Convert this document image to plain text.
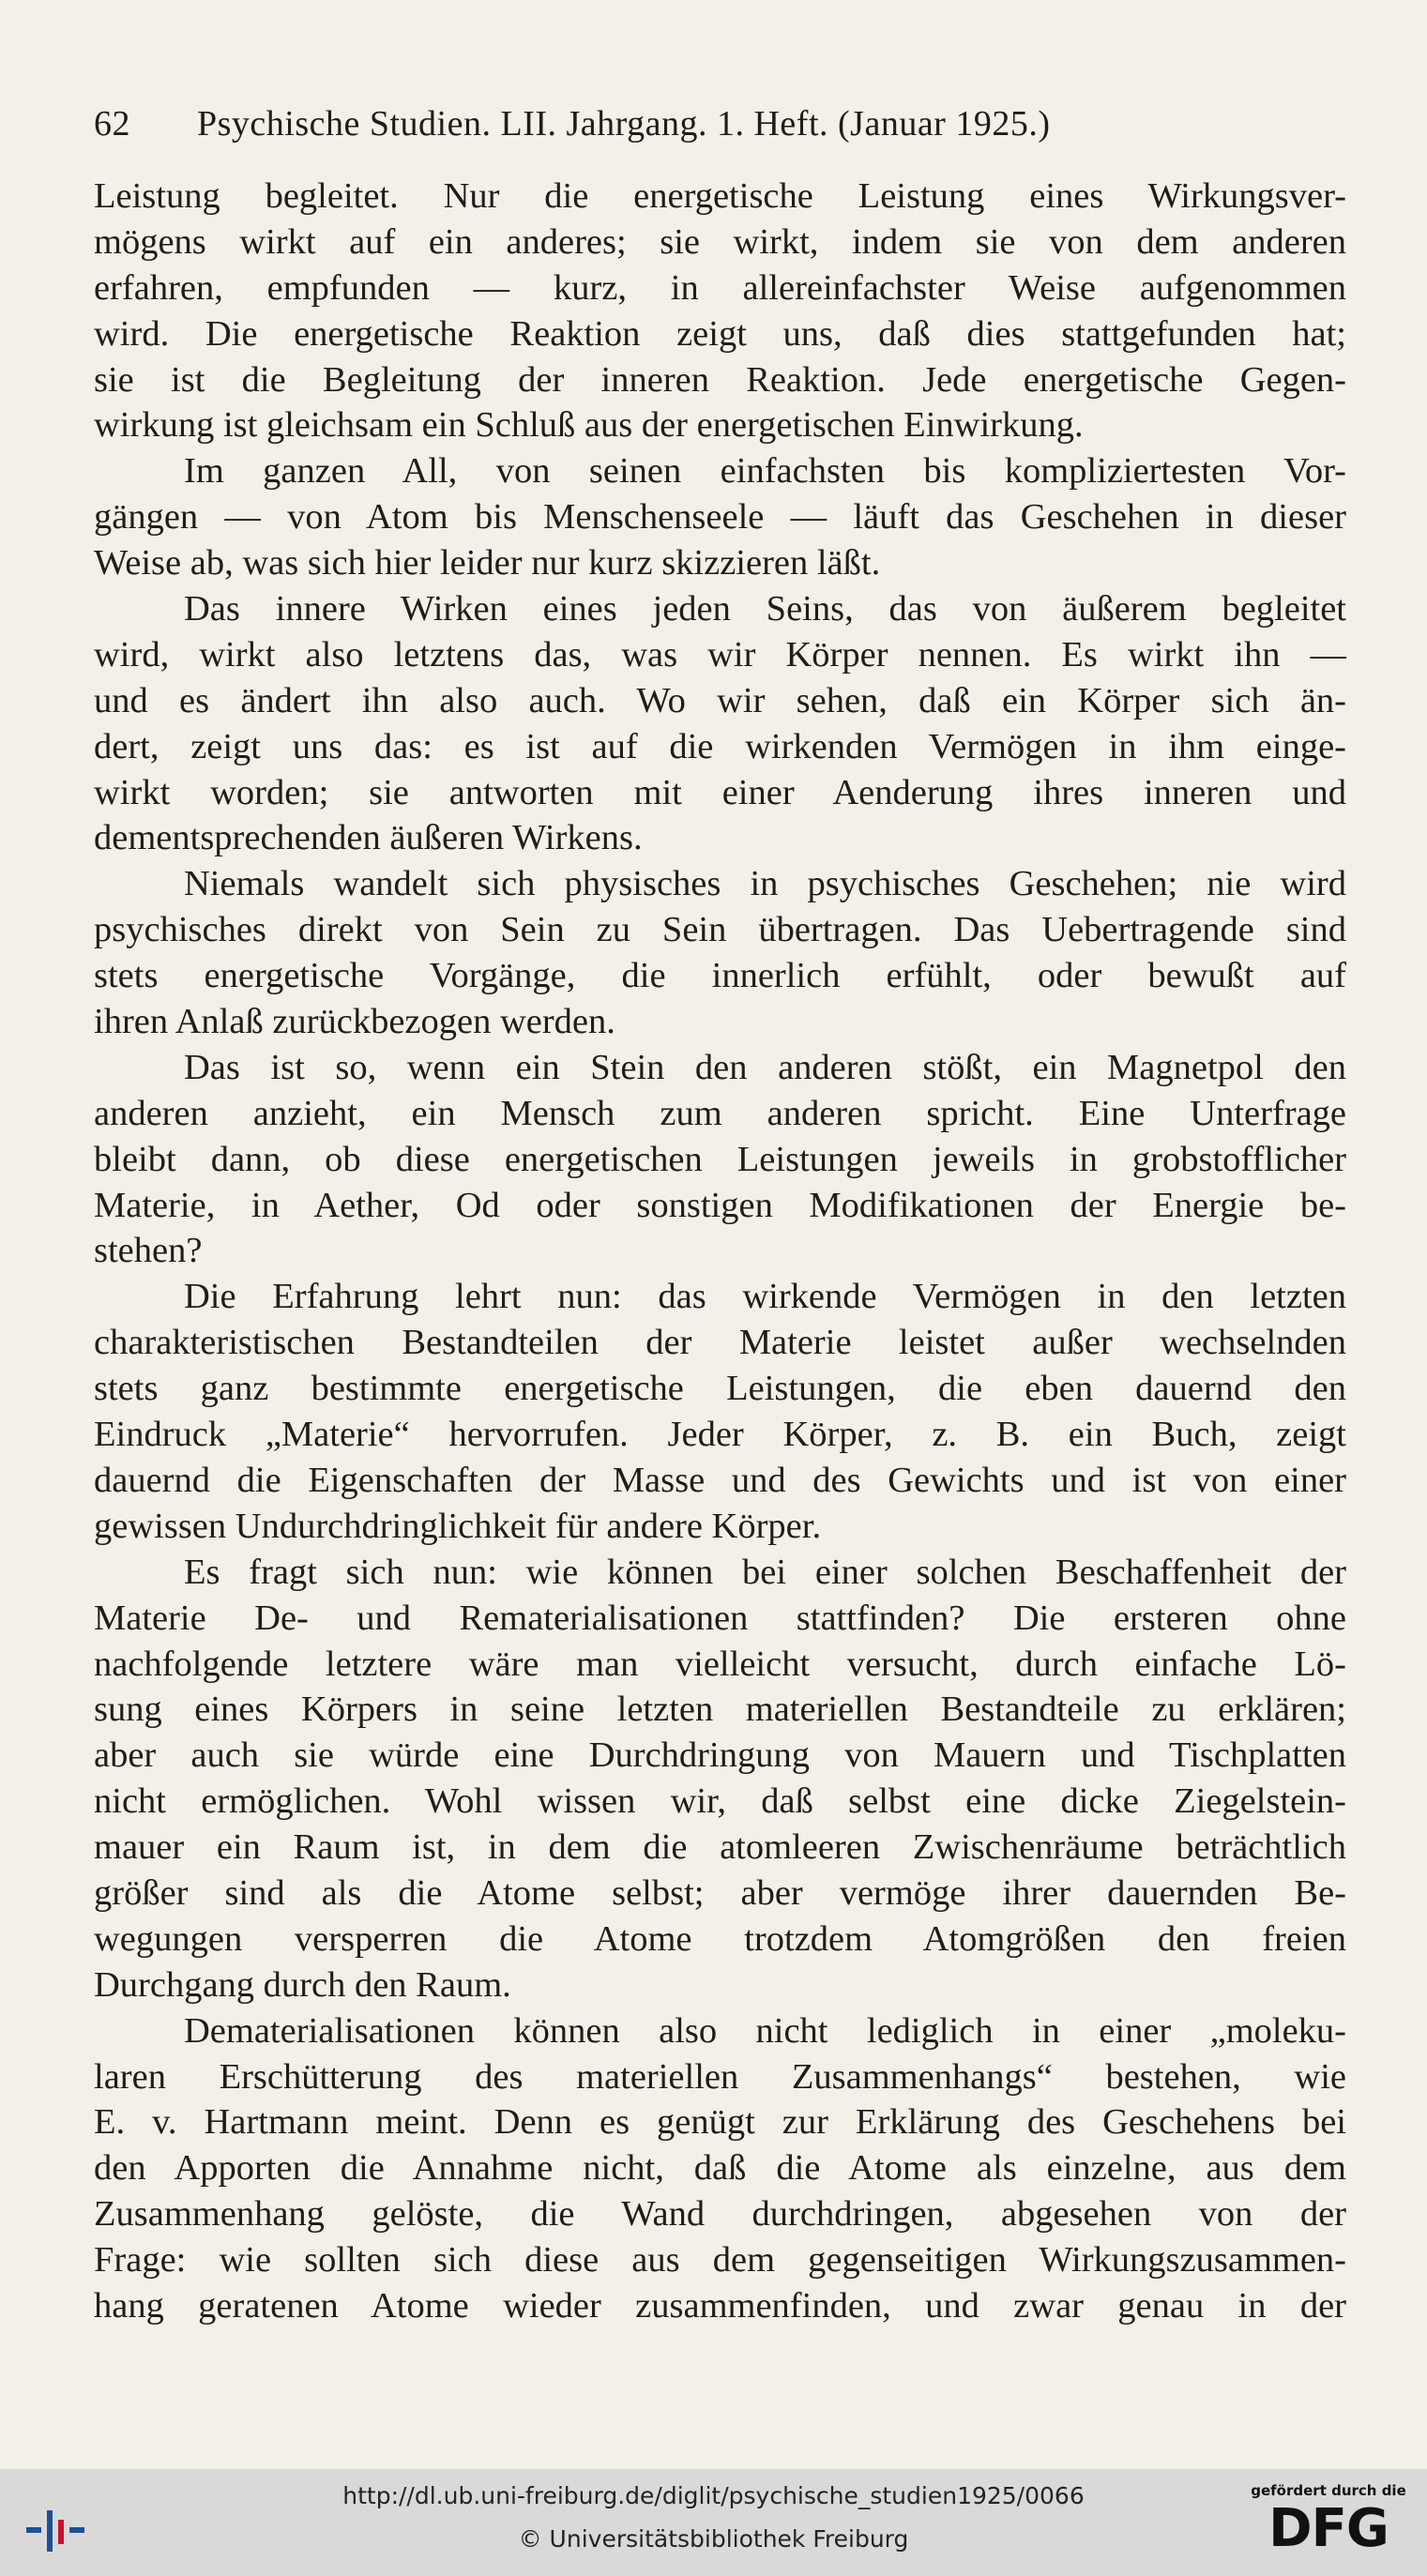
62	Psychische Studien. LII. Jahrgang. 1. Heft. (Januar 1925.)
Leistung begleitet. Nur die energetische Leistung eines Wirkungsver-
mögens wirkt auf ein anderes; sie wirkt, indem sie von dem anderen
erfahren, empfunden — kurz, in allereinfachster Weise aufgenommen
wird. Die energetische Reaktion zeigt uns, daß dies stattgefunden hat;
sie ist die Begleitung der inneren Reaktion. Jede energetische Gegen-
wirkung ist gleichsam ein Schluß aus der energetischen Einwirkung.
Im ganzen All, von seinen einfachsten bis kompliziertesten Vor-
gängen — von Atom bis Menschenseele — läuft das Geschehen in dieser
Weise ab, was sich hier leider nur kurz skizzieren läßt.
Das innere Wirken eines jeden Seins, das von äußerem begleitet
wird, wirkt also letztens das, was wir Körper nennen. Es wirkt ihn —
und es ändert ihn also auch. Wo wir sehen, daß ein Körper sich än-
dert, zeigt uns das: es ist auf die wirkenden Vermögen in ihm einge-
wirkt worden; sie antworten mit einer Aenderung ihres inneren und
dementsprechenden äußeren Wirkens.
Niemals wandelt sich physisches in psychisches Geschehen; nie wird
psychisches direkt von Sein zu Sein übertragen. Das Uebertragende sind
stets energetische Vorgänge, die innerlich erfühlt, oder bewußt auf
ihren Anlaß zurückbezogen werden.
Das ist so, wenn ein Stein den anderen stößt, ein Magnetpol den
anderen anzieht, ein Mensch zum anderen spricht. Eine Unterfrage
bleibt dann, ob diese energetischen Leistungen jeweils in grobstofflicher
Materie, in Aether, Od oder sonstigen Modifikationen der Energie be-
stehen?
Die Erfahrung lehrt nun: das wirkende Vermögen in den letzten
charakteristischen Bestandteilen der Materie leistet außer wechselnden
stets ganz bestimmte energetische Leistungen, die eben dauernd den
Eindruck „Materie“ hervorrufen. Jeder Körper, z. B. ein Buch, zeigt
dauernd die Eigenschaften der Masse und des Gewichts und ist von einer
gewissen Undurchdringlichkeit für andere Körper.
Es fragt sich nun: wie können bei einer solchen Beschaffenheit der
Materie De- und Rematerialisationen stattfinden? Die ersteren ohne
nachfolgende letztere wäre man vielleicht versucht, durch einfache Lö-
sung eines Körpers in seine letzten materiellen Bestandteile zu erklären;
aber auch sie würde eine Durchdringung von Mauern und Tischplatten
nicht ermöglichen. Wohl wissen wir, daß selbst eine dicke Ziegelstein-
mauer ein Raum ist, in dem die atomleeren Zwischenräume beträchtlich
größer sind als die Atome selbst; aber vermöge ihrer dauernden Be-
wegungen versperren die Atome trotzdem Atomgrößen den freien
Durchgang durch den Raum.
Dematerialisationen können also nicht lediglich in einer „moleku-
laren Erschütterung des materiellen Zusammenhangs“ bestehen, wie
E. v. Hartmann meint. Denn es genügt zur Erklärung des Geschehens bei
den Apporten die Annahme nicht, daß die Atome als einzelne, aus dem
Zusammenhang gelöste, die Wand durchdringen, abgesehen von der
Frage: wie sollten sich diese aus dem gegenseitigen Wirkungszusammen-
hang geratenen Atome wieder zusammenfinden, und zwar genau in der
http://dl.ub.uni-freiburg.de/diglit/psychische_studien1925/0066
© Universitätsbibliothek Freiburg
gefördert durch die
DFG
